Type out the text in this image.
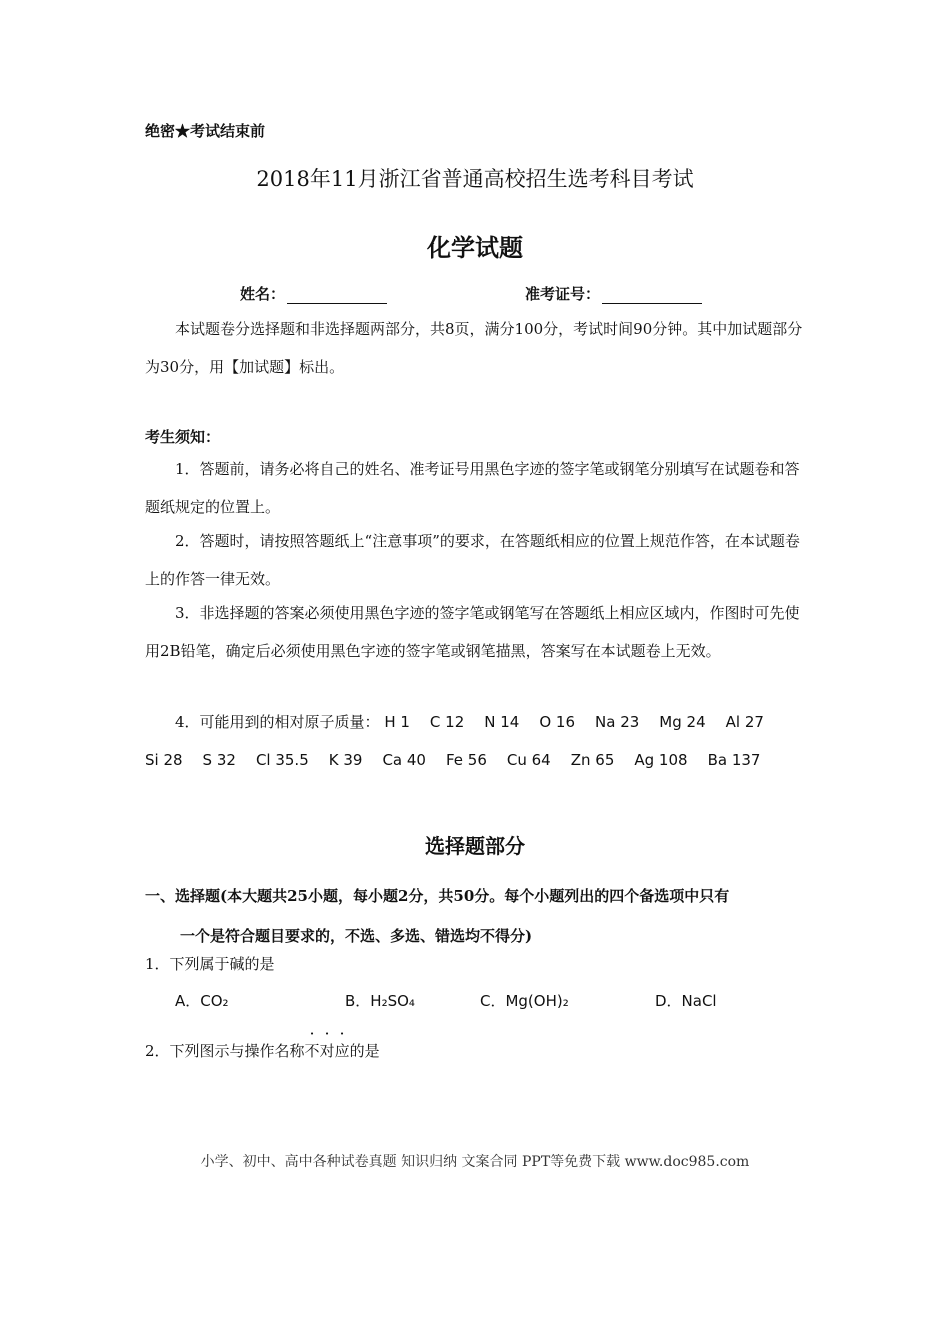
绝密★考试结束前
2018年11月浙江省普通高校招生选考科目考试
化学试题
姓名：	准考证号：
本试题卷分选择题和非选择题两部分，共8页，满分100分，考试时间90分钟。其中加试题部分为30分，用【加试题】标出。
考生须知：
1．答题前，请务必将自己的姓名、准考证号用黑色字迹的签字笔或钢笔分别填写在试题卷和答题纸规定的位置上。
2．答题时，请按照答题纸上“注意事项”的要求，在答题纸相应的位置上规范作答，在本试题卷上的作答一律无效。
3．非选择题的答案必须使用黑色字迹的签字笔或钢笔写在答题纸上相应区域内，作图时可先使用2B铅笔，确定后必须使用黑色字迹的签字笔或钢笔描黑，答案写在本试题卷上无效。
4．可能用到的相对原子质量： H 1 C 12 N 14 O 16 Na 23 Mg 24 Al 27Si 28 S 32 Cl 35.5 K 39 Ca 40 Fe 56 Cu 64 Zn 65 Ag 108 Ba 137
选择题部分
一、选择题(本大题共25小题，每小题2分，共50分。每个小题列出的四个备选项中只有
一个是符合题目要求的，不选、多选、错选均不得分)
1．下列属于碱的是
A．CO₂	B．H₂SO₄	C．Mg(OH)₂	D．NaCl
2．下列图示与操作名称不对应的是
小学、初中、高中各种试卷真题 知识归纳 文案合同 PPT等免费下载 www.doc985.com
